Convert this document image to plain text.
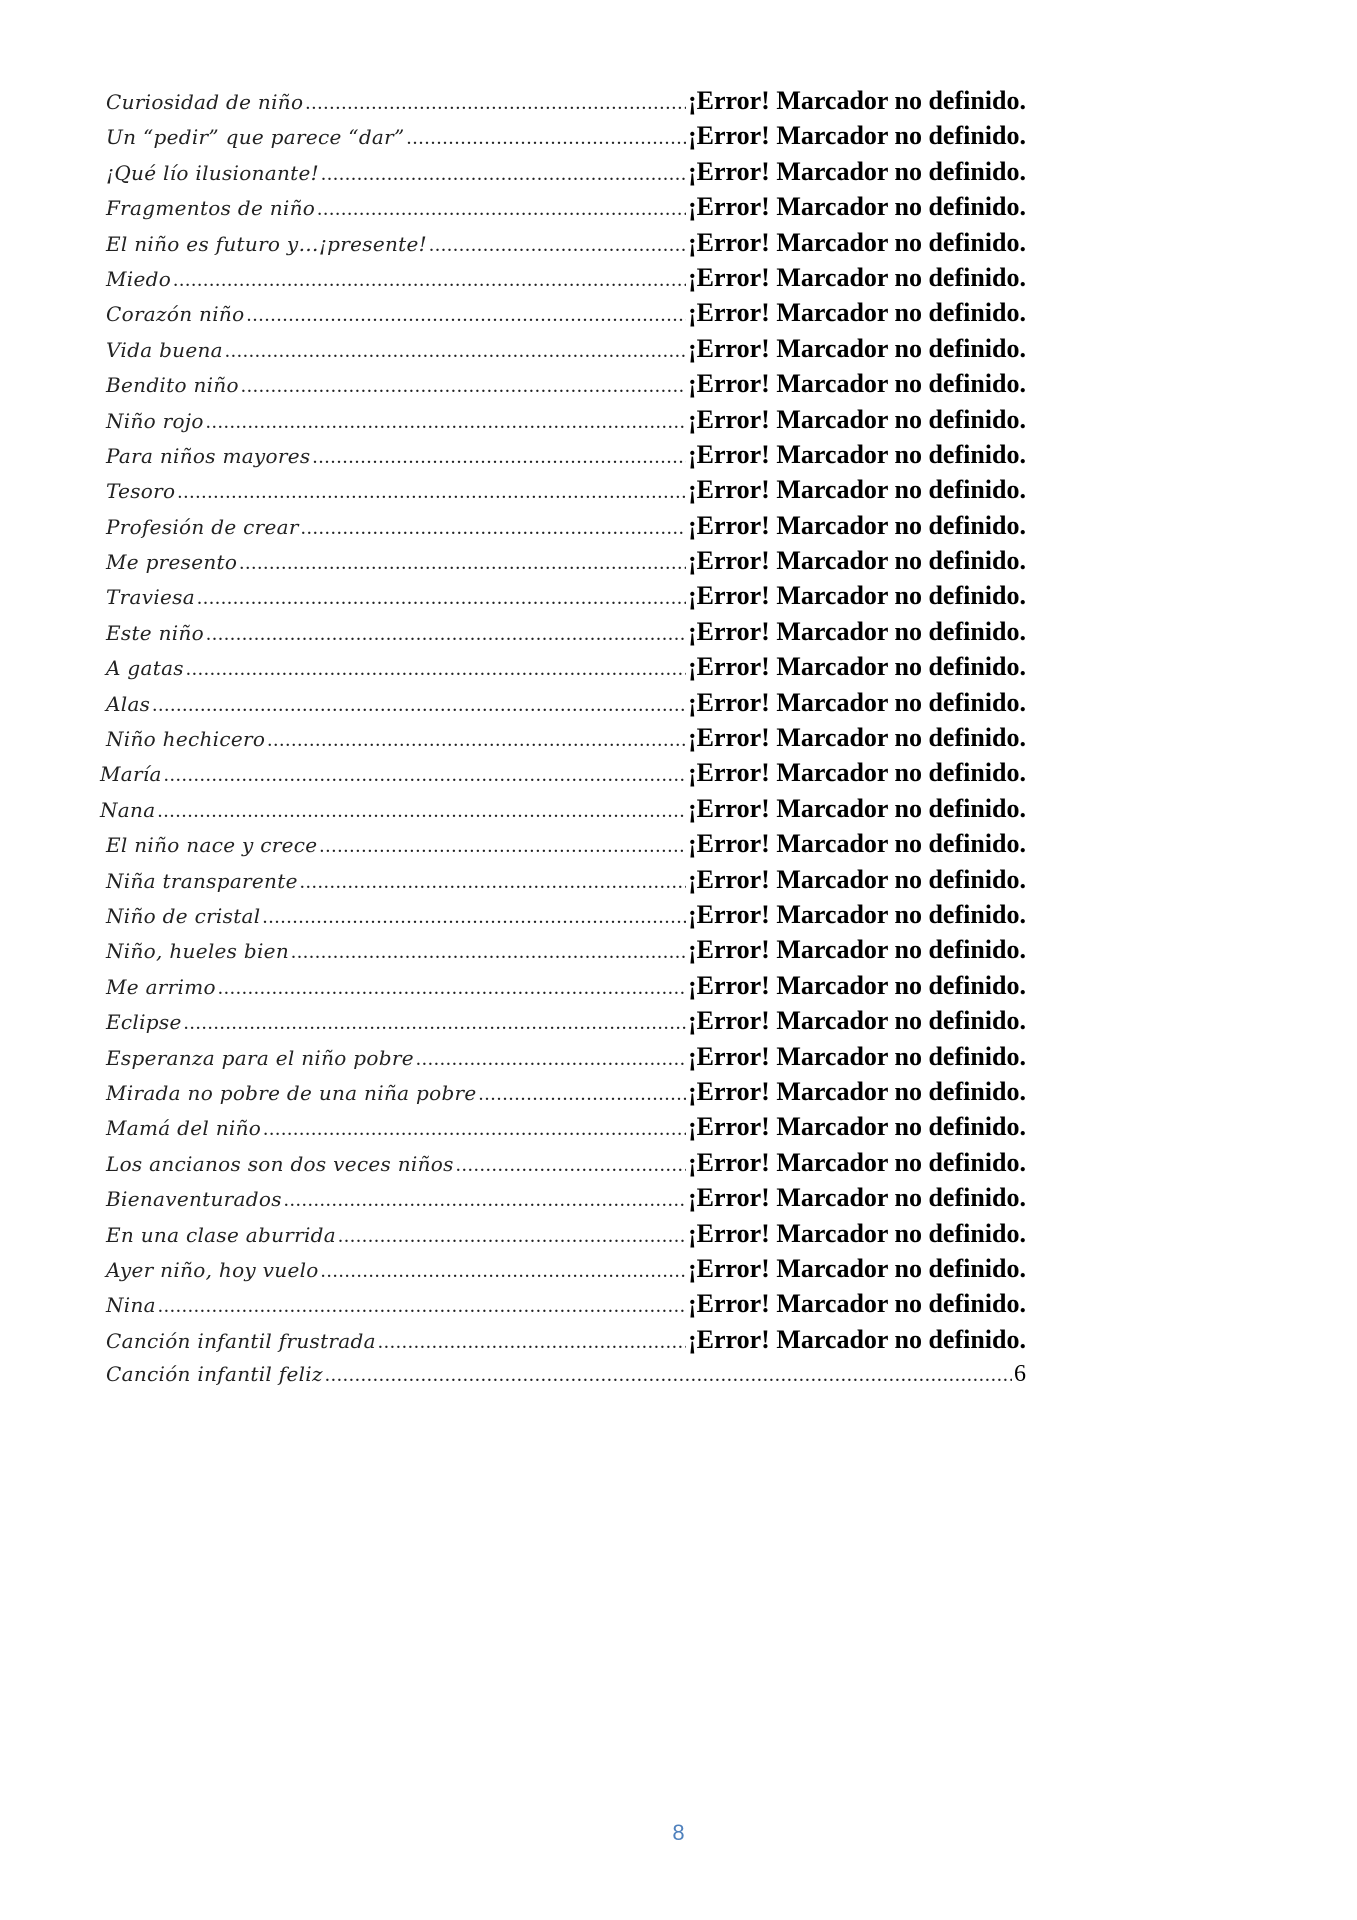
Curiosidad de niño .....	¡Error! Marcador no definido.
Un “pedir” que parece “dar” .....	¡Error! Marcador no definido.
¡Qué lío ilusionante! .....	¡Error! Marcador no definido.
Fragmentos de niño .....	¡Error! Marcador no definido.
El niño es futuro y…¡presente! .....	¡Error! Marcador no definido.
Miedo .....	¡Error! Marcador no definido.
Corazón niño .....	¡Error! Marcador no definido.
Vida buena .....	¡Error! Marcador no definido.
Bendito niño .....	¡Error! Marcador no definido.
Niño rojo .....	¡Error! Marcador no definido.
Para niños mayores .....	¡Error! Marcador no definido.
Tesoro .....	¡Error! Marcador no definido.
Profesión de crear .....	¡Error! Marcador no definido.
Me presento .....	¡Error! Marcador no definido.
Traviesa .....	¡Error! Marcador no definido.
Este niño .....	¡Error! Marcador no definido.
A gatas .....	¡Error! Marcador no definido.
Alas .....	¡Error! Marcador no definido.
Niño hechicero .....	¡Error! Marcador no definido.
María .....	¡Error! Marcador no definido.
Nana .....	¡Error! Marcador no definido.
El niño nace y crece .....	¡Error! Marcador no definido.
Niña transparente .....	¡Error! Marcador no definido.
Niño de cristal .....	¡Error! Marcador no definido.
Niño, hueles bien .....	¡Error! Marcador no definido.
Me arrimo .....	¡Error! Marcador no definido.
Eclipse .....	¡Error! Marcador no definido.
Esperanza para el niño pobre .....	¡Error! Marcador no definido.
Mirada no pobre de una niña pobre .....	¡Error! Marcador no definido.
Mamá del niño .....	¡Error! Marcador no definido.
Los ancianos son dos veces niños .....	¡Error! Marcador no definido.
Bienaventurados .....	¡Error! Marcador no definido.
En una clase aburrida .....	¡Error! Marcador no definido.
Ayer niño, hoy vuelo .....	¡Error! Marcador no definido.
Nina .....	¡Error! Marcador no definido.
Canción infantil frustrada .....	¡Error! Marcador no definido.
Canción infantil feliz .....	6
8
